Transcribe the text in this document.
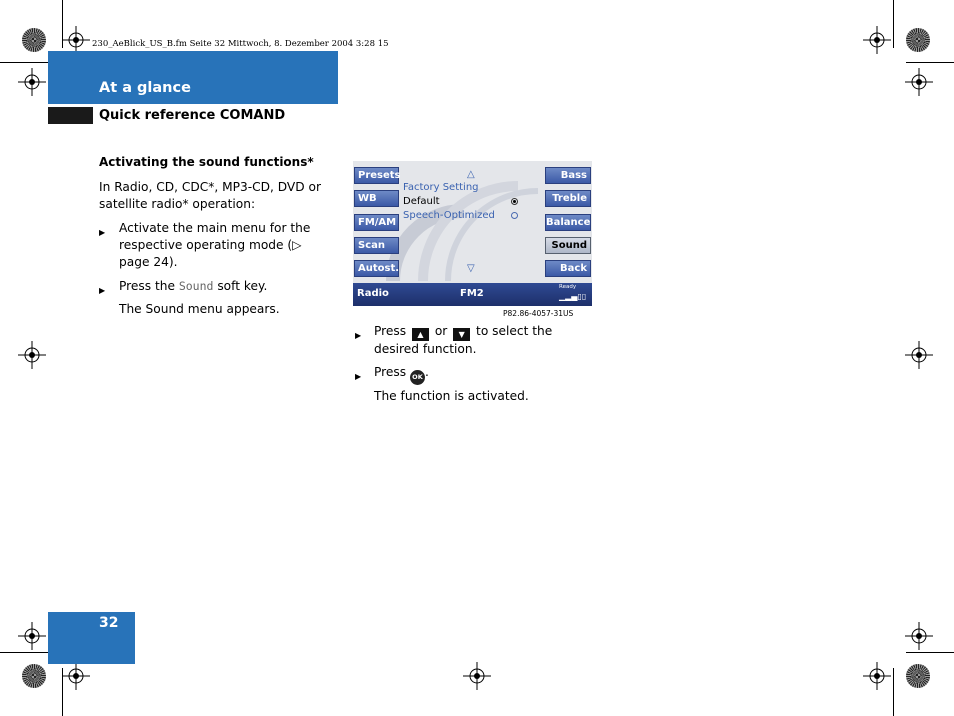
230_AeBlick_US_B.fm Seite 32 Mittwoch, 8. Dezember 2004 3:28 15
At a glance
Quick reference COMAND
Activating the sound functions*
In Radio, CD, CDC*, MP3-CD, DVD or satellite radio* operation:
▶ Activate the main menu for the respective operating mode (▷ page 24).
▶ Press the Sound soft key.
The Sound menu appears.
Presets
WB
FM/AM
Scan
Autost.
Bass
Treble
Balance
Sound
Back
△
Factory Setting
Default
Speech-Optimized
▽
Radio	FM2
Ready
▁▂▄▯▯
P82.86-4057-31US
▶ Press ▲ or ▼ to select the desired function.
▶ Press OK .
The function is activated.
32
